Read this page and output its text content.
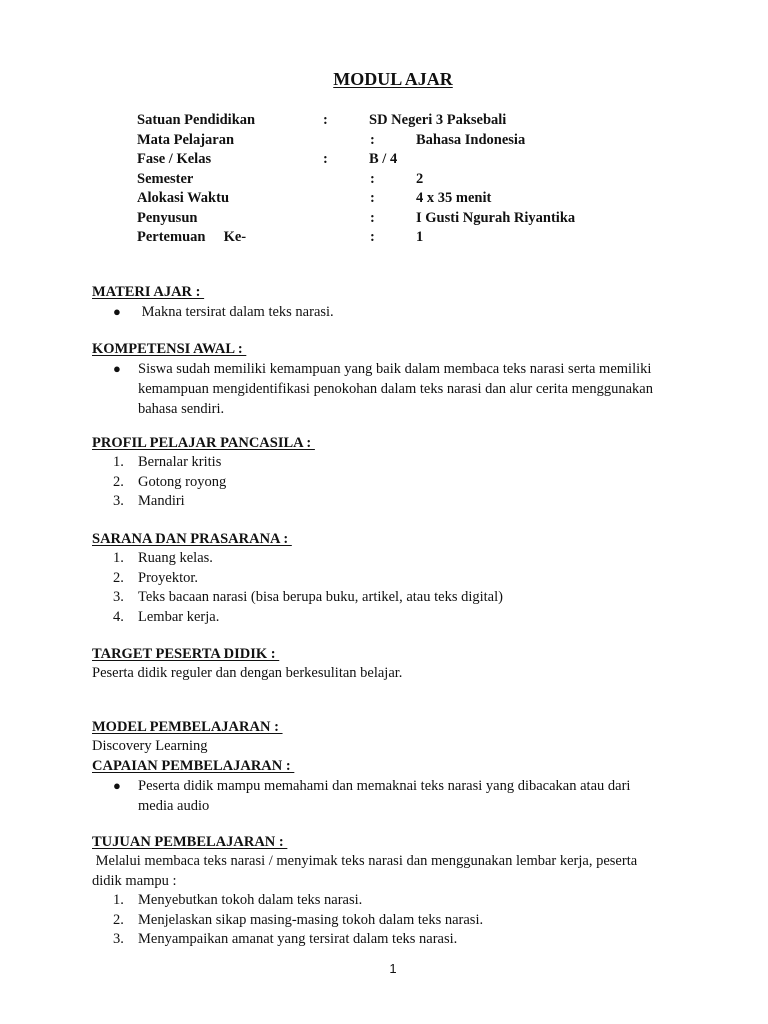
MODUL AJAR
Satuan Pendidikan	:	SD Negeri 3 Paksebali
Mata Pelajaran	:	Bahasa Indonesia
Fase / Kelas	:	B / 4
Semester	:	2
Alokasi Waktu	:	4 x 35 menit
Penyusun	:	I Gusti Ngurah Riyantika
Pertemuan     Ke-	:	1
MATERI AJAR :
● Makna tersirat dalam teks narasi.
KOMPETENSI AWAL :
● Siswa sudah memiliki kemampuan yang baik dalam membaca teks narasi serta memiliki
kemampuan mengidentifikasi penokohan dalam teks narasi dan alur cerita menggunakan
bahasa sendiri.
PROFIL PELAJAR PANCASILA :
1. Bernalar kritis
2. Gotong royong
3. Mandiri
SARANA DAN PRASARANA :
1. Ruang kelas.
2. Proyektor.
3. Teks bacaan narasi (bisa berupa buku, artikel, atau teks digital)
4. Lembar kerja.
TARGET PESERTA DIDIK :
Peserta didik reguler dan dengan berkesulitan belajar.
MODEL PEMBELAJARAN :
Discovery Learning
CAPAIAN PEMBELAJARAN :
● Peserta didik mampu memahami dan memaknai teks narasi yang dibacakan atau dari
media audio
TUJUAN PEMBELAJARAN :
Melalui membaca teks narasi / menyimak teks narasi dan menggunakan lembar kerja, peserta
didik mampu :
1. Menyebutkan tokoh dalam teks narasi.
2. Menjelaskan sikap masing-masing tokoh dalam teks narasi.
3. Menyampaikan amanat yang tersirat dalam teks narasi.
1
